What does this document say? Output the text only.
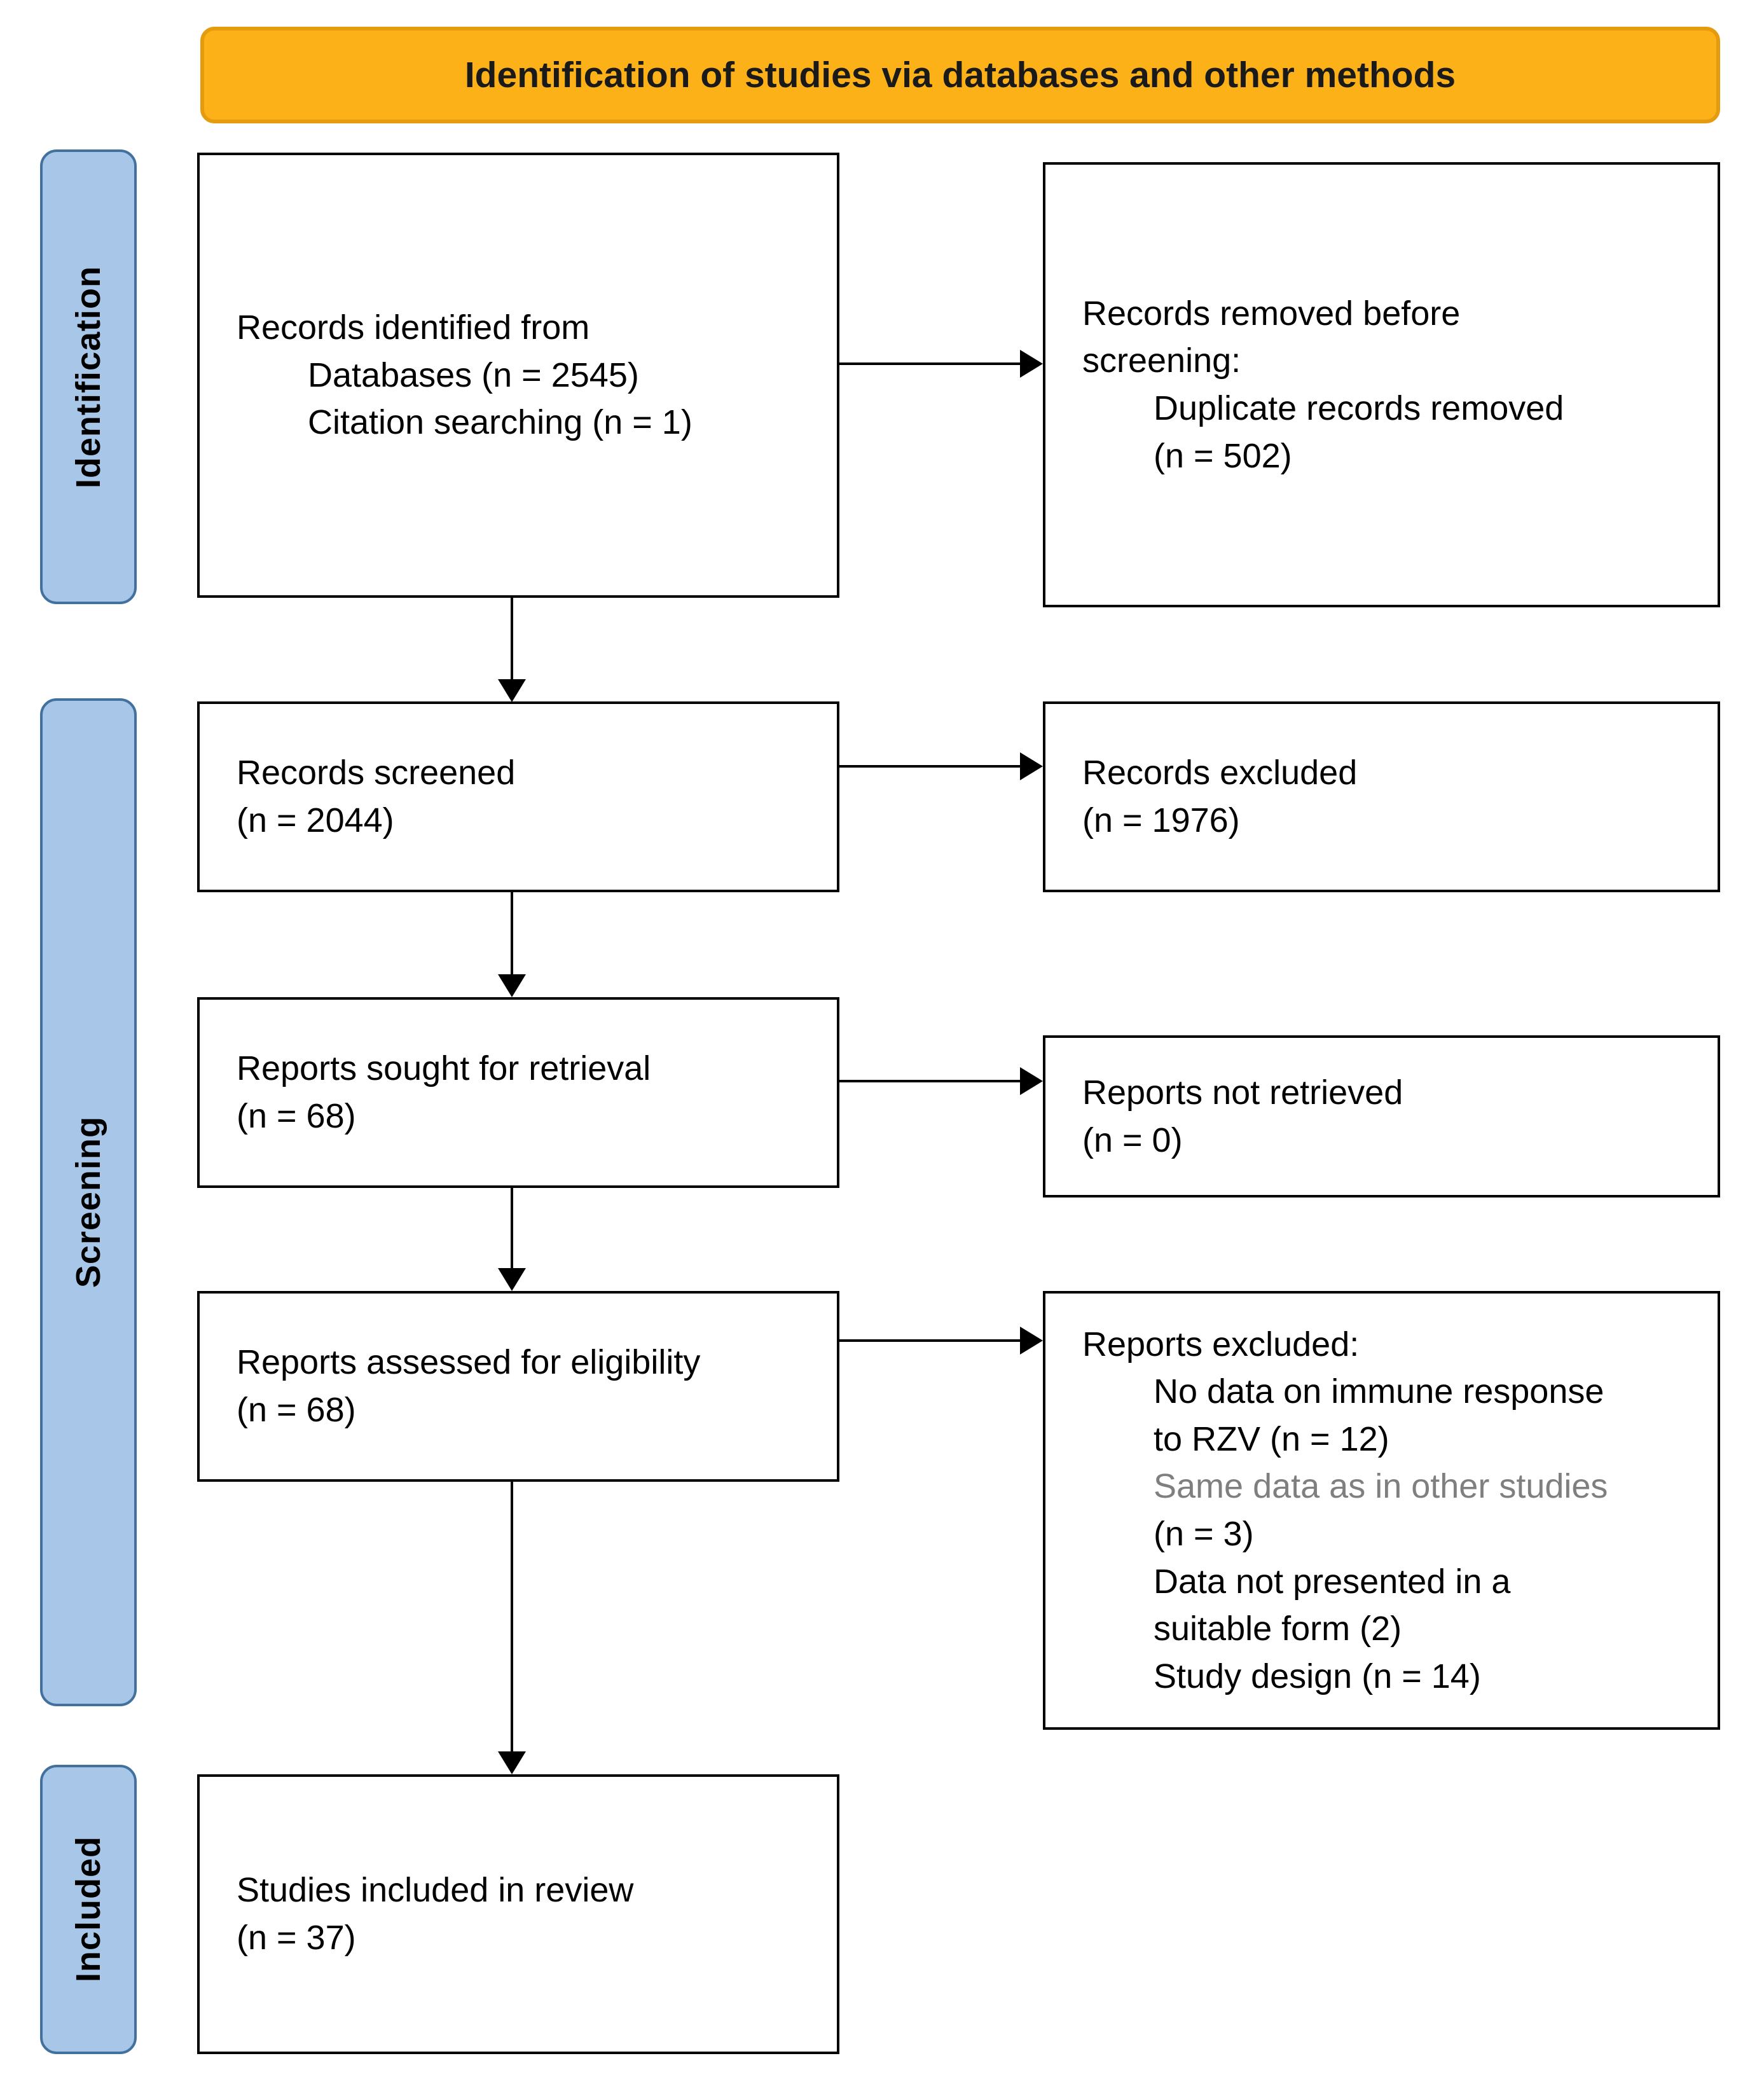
Identification of studies via databases and other methods
Identification
Screening
Included
Records identified from
Databases (n = 2545)
Citation searching (n = 1)
Records screened
(n = 2044)
Reports sought for retrieval
(n = 68)
Reports assessed for eligibility
(n = 68)
Studies included in review
(n = 37)
Records removed before
screening:
Duplicate records removed
(n = 502)
Records excluded
(n = 1976)
Reports not retrieved
(n = 0)
Reports excluded:
No data on immune response
to RZV (n = 12)
Same data as in other studies
(n = 3)
Data not presented in a
suitable form (2)
Study design (n = 14)
